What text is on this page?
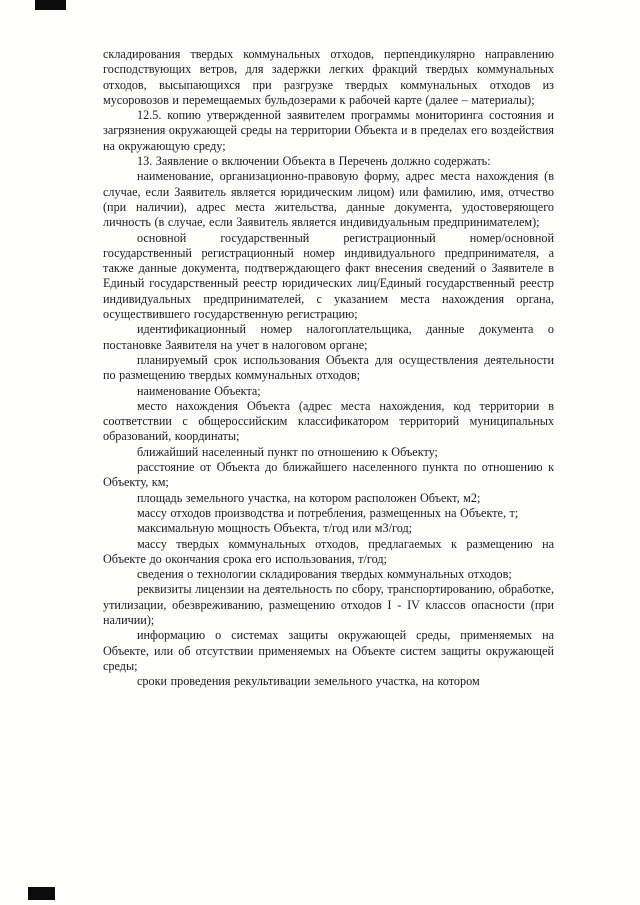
складирования твердых коммунальных отходов, перпендикулярно направлению господствующих ветров, для задержки легких фракций твердых коммунальных отходов, высыпающихся при разгрузке твердых коммунальных отходов из мусоровозов и перемещаемых бульдозерами к рабочей карте (далее – материалы);

12.5. копию утвержденной заявителем программы мониторинга состояния и загрязнения окружающей среды на территории Объекта и в пределах его воздействия на окружающую среду;

13. Заявление о включении Объекта в Перечень должно содержать:

наименование, организационно-правовую форму, адрес места нахождения (в случае, если Заявитель является юридическим лицом) или фамилию, имя, отчество (при наличии), адрес места жительства, данные документа, удостоверяющего личность (в случае, если Заявитель является индивидуальным предпринимателем);

основной государственный регистрационный номер/основной государственный регистрационный номер индивидуального предпринимателя, а также данные документа, подтверждающего факт внесения сведений о Заявителе в Единый государственный реестр юридических лиц/Единый государственный реестр индивидуальных предпринимателей, с указанием места нахождения органа, осуществившего государственную регистрацию;

идентификационный номер налогоплательщика, данные документа о постановке Заявителя на учет в налоговом органе;

планируемый срок использования Объекта для осуществления деятельности по размещению твердых коммунальных отходов;

наименование Объекта;

место нахождения Объекта (адрес места нахождения, код территории в соответствии с общероссийским классификатором территорий муниципальных образований, координаты;

ближайший населенный пункт по отношению к Объекту;

расстояние от Объекта до ближайшего населенного пункта по отношению к Объекту, км;

площадь земельного участка, на котором расположен Объект, м2;

массу отходов производства и потребления, размещенных на Объекте, т;

максимальную мощность Объекта, т/год или м3/год;

массу твердых коммунальных отходов, предлагаемых к размещению на Объекте до окончания срока его использования, т/год;

сведения о технологии складирования твердых коммунальных отходов;

реквизиты лицензии на деятельность по сбору, транспортированию, обработке, утилизации, обезвреживанию, размещению отходов I - IV классов опасности (при наличии);

информацию о системах защиты окружающей среды, применяемых на Объекте, или об отсутствии применяемых на Объекте систем защиты окружающей среды;

сроки проведения рекультивации земельного участка, на котором
